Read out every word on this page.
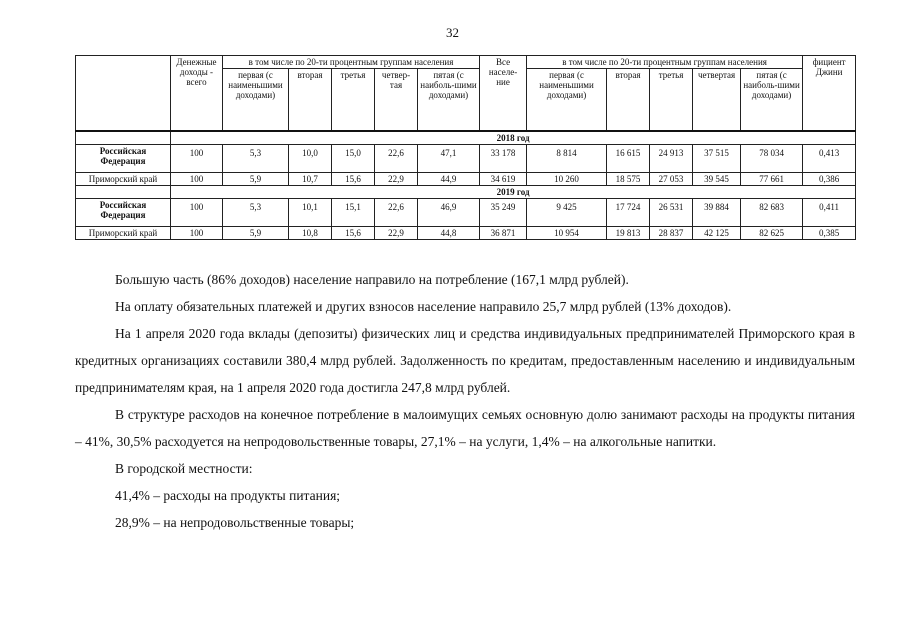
32
	Денежные доходы - всего	в том числе по 20-ти процентным группам населения					Все населе-ние	в том числе по 20-ти процентным группам населения					фициент Джини
		первая (с наименьшими доходами)	вторая	третья	четвер-тая	пятая (с наиболь-шими доходами)		первая (с наименьшими доходами)	вторая	третья	четвертая	пятая (с наиболь-шими доходами)	
	2018 год												
Российская Федерация	100	5,3	10,0	15,0	22,6	47,1	33 178	8 814	16 615	24 913	37 515	78 034	0,413
Приморский край	100	5,9	10,7	15,6	22,9	44,9	34 619	10 260	18 575	27 053	39 545	77 661	0,386
	2019 год												
Российская Федерация	100	5,3	10,1	15,1	22,6	46,9	35 249	9 425	17 724	26 531	39 884	82 683	0,411
Приморский край	100	5,9	10,8	15,6	22,9	44,8	36 871	10 954	19 813	28 837	42 125	82 625	0,385

Большую часть (86% доходов) население направило на потребление (167,1 млрд рублей).

На оплату обязательных платежей и других взносов население направило 25,7 млрд рублей (13% доходов).

На 1 апреля 2020 года вклады (депозиты) физических лиц и средства индивидуальных предпринимателей Приморского края в кредитных организациях составили 380,4 млрд рублей. Задолженность по кредитам, предоставленным населению и индивидуальным предпринимателям края, на 1 апреля 2020 года достигла 247,8 млрд рублей.

В структуре расходов на конечное потребление в малоимущих семьях основную долю занимают расходы на продукты питания – 41%, 30,5% расходуется на непродовольственные товары, 27,1% – на услуги, 1,4% – на алкогольные напитки.

В городской местности:

41,4% – расходы на продукты питания;

28,9% – на непродовольственные товары;
